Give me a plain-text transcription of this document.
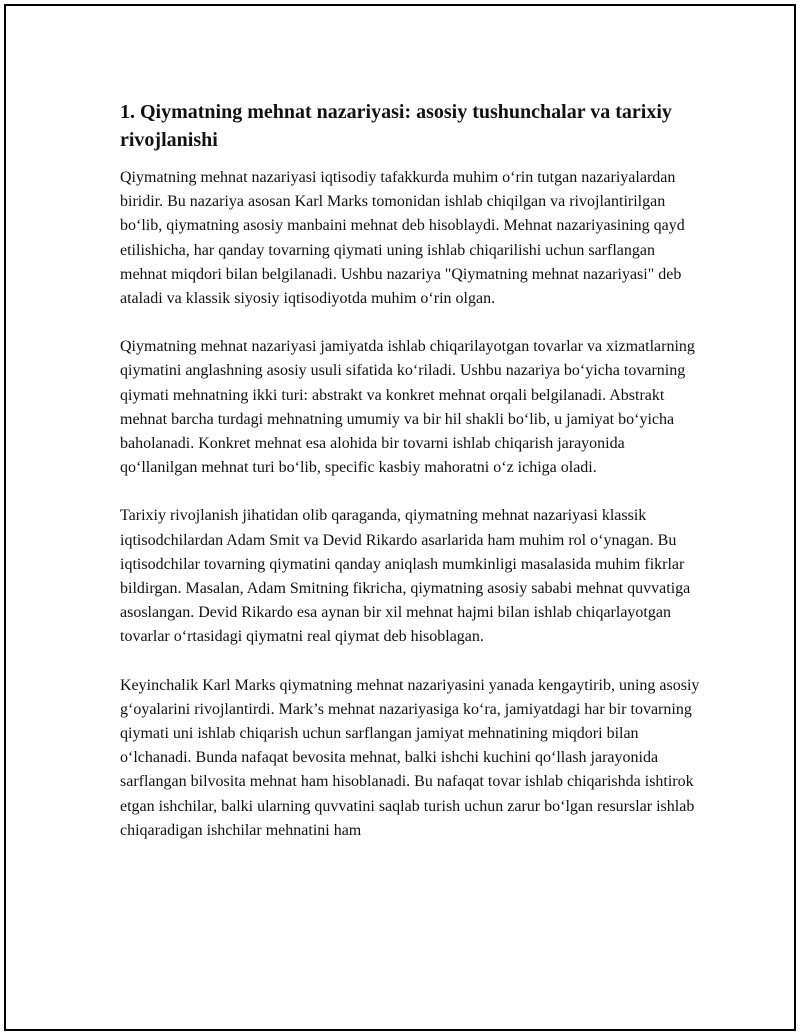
1. Qiymatning mehnat nazariyasi: asosiy tushunchalar va tarixiy rivojlanishi

Qiymatning mehnat nazariyasi iqtisodiy tafakkurda muhim o‘rin tutgan nazariyalardan biridir. Bu nazariya asosan Karl Marks tomonidan ishlab chiqilgan va rivojlantirilgan bo‘lib, qiymatning asosiy manbaini mehnat deb hisoblaydi. Mehnat nazariyasining qayd etilishicha, har qanday tovarning qiymati uning ishlab chiqarilishi uchun sarflangan mehnat miqdori bilan belgilanadi. Ushbu nazariya "Qiymatning mehnat nazariyasi" deb ataladi va klassik siyosiy iqtisodiyotda muhim o‘rin olgan.

Qiymatning mehnat nazariyasi jamiyatda ishlab chiqarilayotgan tovarlar va xizmatlarning qiymatini anglashning asosiy usuli sifatida ko‘riladi. Ushbu nazariya bo‘yicha tovarning qiymati mehnatning ikki turi: abstrakt va konkret mehnat orqali belgilanadi. Abstrakt mehnat barcha turdagi mehnatning umumiy va bir hil shakli bo‘lib, u jamiyat bo‘yicha baholanadi. Konkret mehnat esa alohida bir tovarni ishlab chiqarish jarayonida qo‘llanilgan mehnat turi bo‘lib, specific kasbiy mahoratni o‘z ichiga oladi.

Tarixiy rivojlanish jihatidan olib qaraganda, qiymatning mehnat nazariyasi klassik iqtisodchilardan Adam Smit va Devid Rikardo asarlarida ham muhim rol o‘ynagan. Bu iqtisodchilar tovarning qiymatini qanday aniqlash mumkinligi masalasida muhim fikrlar bildirgan. Masalan, Adam Smitning fikricha, qiymatning asosiy sababi mehnat quvvatiga asoslangan. Devid Rikardo esa aynan bir xil mehnat hajmi bilan ishlab chiqarlayotgan tovarlar o‘rtasidagi qiymatni real qiymat deb hisoblagan.

Keyinchalik Karl Marks qiymatning mehnat nazariyasini yanada kengaytirib, uning asosiy g‘oyalarini rivojlantirdi. Mark’s mehnat nazariyasiga ko‘ra, jamiyatdagi har bir tovarning qiymati uni ishlab chiqarish uchun sarflangan jamiyat mehnatining miqdori bilan o‘lchanadi. Bunda nafaqat bevosita mehnat, balki ishchi kuchini qo‘llash jarayonida sarflangan bilvosita mehnat ham hisoblanadi. Bu nafaqat tovar ishlab chiqarishda ishtirok etgan ishchilar, balki ularning quvvatini saqlab turish uchun zarur bo‘lgan resurslar ishlab chiqaradigan ishchilar mehnatini ham
